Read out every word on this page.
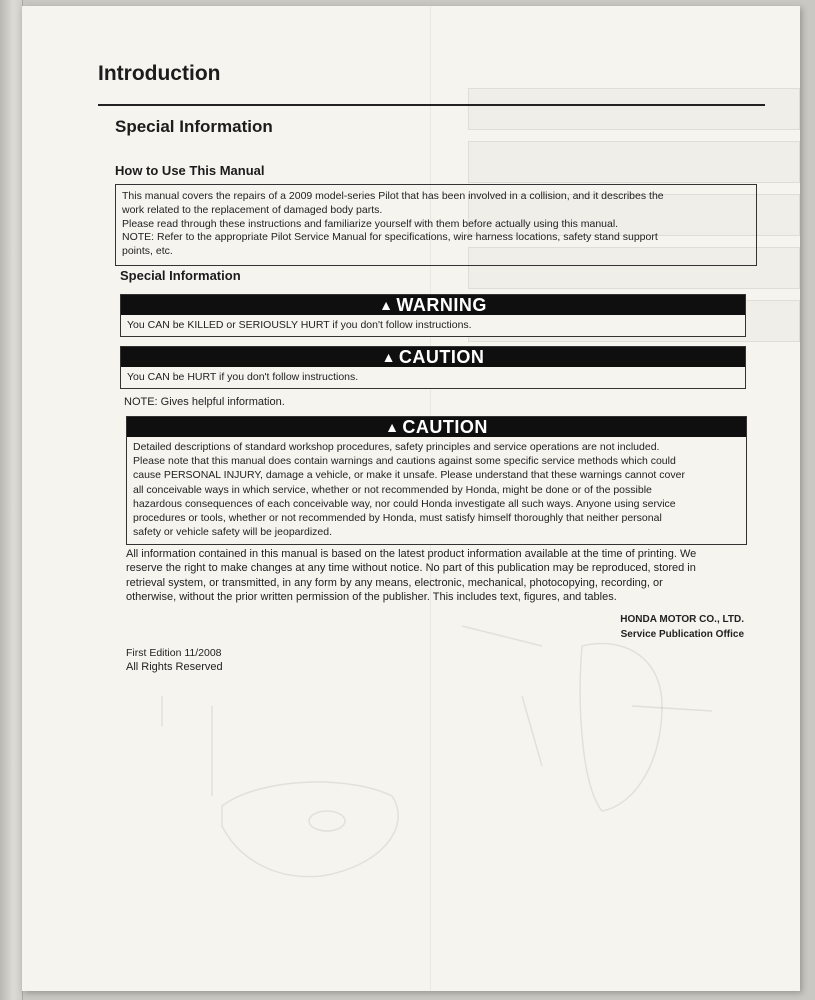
Introduction
Special Information
How to Use This Manual
This manual covers the repairs of a 2009 model-series Pilot that has been involved in a collision, and it describes the
work related to the replacement of damaged body parts.
Please read through these instructions and familiarize yourself with them before actually using this manual.
NOTE: Refer to the appropriate Pilot Service Manual for specifications, wire harness locations, safety stand support
points, etc.
Special Information
▲ WARNING
You CAN be KILLED or SERIOUSLY HURT if you don't follow instructions.
▲ CAUTION
You CAN be HURT if you don't follow instructions.

NOTE: Gives helpful information.

▲ CAUTION
Detailed descriptions of standard workshop procedures, safety principles and service operations are not included.
Please note that this manual does contain warnings and cautions against some specific service methods which could
cause PERSONAL INJURY, damage a vehicle, or make it unsafe. Please understand that these warnings cannot cover
all conceivable ways in which service, whether or not recommended by Honda, might be done or of the possible
hazardous consequences of each conceivable way, nor could Honda investigate all such ways. Anyone using service
procedures or tools, whether or not recommended by Honda, must satisfy himself thoroughly that neither personal
safety or vehicle safety will be jeopardized.
All information contained in this manual is based on the latest product information available at the time of printing. We
reserve the right to make changes at any time without notice. No part of this publication may be reproduced, stored in
retrieval system, or transmitted, in any form by any means, electronic, mechanical, photocopying, recording, or
otherwise, without the prior written permission of the publisher. This includes text, figures, and tables.
HONDA MOTOR CO., LTD.
Service Publication Office
First Edition 11/2008
All Rights Reserved
